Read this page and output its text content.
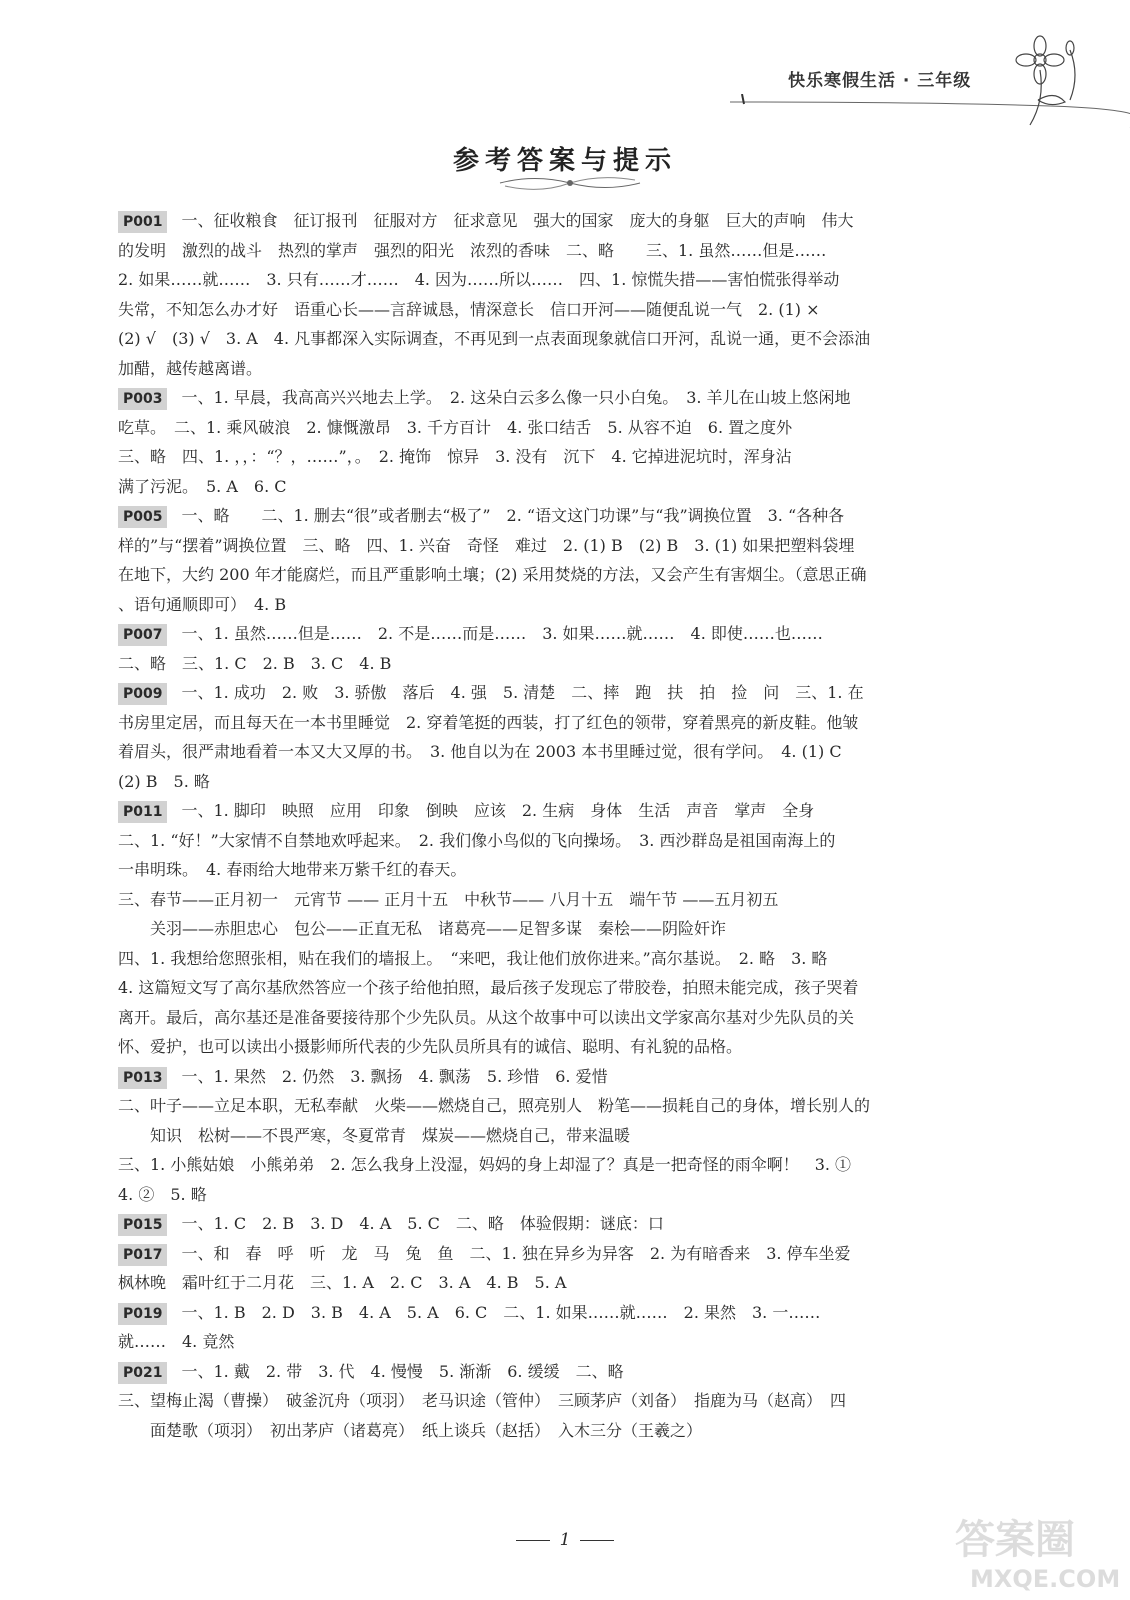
快乐寒假生活 · 三年级
参考答案与提示
P001 一、征收粮食　征订报刊　征服对方　征求意见　强大的国家　庞大的身躯　巨大的声响　伟大
的发明　激烈的战斗　热烈的掌声　强烈的阳光　浓烈的香味　二、略　　三、1. 虽然……但是……
2. 如果……就……　3. 只有……才……　4. 因为……所以……　四、1. 惊慌失措——害怕慌张得举动
失常，不知怎么办才好　语重心长——言辞诚恳，情深意长　信口开河——随便乱说一气　2. (1) ×
(2) √　(3) √　3. A　4. 凡事都深入实际调查，不再见到一点表面现象就信口开河，乱说一通，更不会添油
加醋，越传越离谱。
P003 一、1. 早晨，我高高兴兴地去上学。　2. 这朵白云多么像一只小白兔。　3. 羊儿在山坡上悠闲地
吃草。　二、1. 乘风破浪　2. 慷慨激昂　3. 千方百计　4. 张口结舌　5. 从容不迫　6. 置之度外
三、略　四、1. ，，：“？，……”，。　2. 掩饰　惊异　3. 没有　沉下　4. 它掉进泥坑时，浑身沾
满了污泥。　5. A　6. C
P005 一、略　　二、1. 删去“很”或者删去“极了”　2. “语文这门功课”与“我”调换位置　3. “各种各
样的”与“摆着”调换位置　三、略　四、1. 兴奋　奇怪　难过　2. (1) B　(2) B　3. (1) 如果把塑料袋埋
在地下，大约 200 年才能腐烂，而且严重影响土壤；(2) 采用焚烧的方法，又会产生有害烟尘。（意思正确
、语句通顺即可）　4. B
P007 一、1. 虽然……但是……　2. 不是……而是……　3. 如果……就……　4. 即使……也……
二、略　三、1. C　2. B　3. C　4. B
P009 一、1. 成功　2. 败　3. 骄傲　落后　4. 强　5. 清楚　二、摔　跑　扶　拍　捡　问　三、1. 在
书房里定居，而且每天在一本书里睡觉　2. 穿着笔挺的西装，打了红色的领带，穿着黑亮的新皮鞋。他皱
着眉头，很严肃地看着一本又大又厚的书。　3. 他自以为在 2003 本书里睡过觉，很有学问。　4. (1) C
(2) B　5. 略
P011 一、1. 脚印　映照　应用　印象　倒映　应该　2. 生病　身体　生活　声音　掌声　全身
二、1. “好！”大家情不自禁地欢呼起来。　2. 我们像小鸟似的飞向操场。　3. 西沙群岛是祖国南海上的
一串明珠。　4. 春雨给大地带来万紫千红的春天。
三、春节——正月初一　元宵节 —— 正月十五　中秋节—— 八月十五　端午节 ——五月初五
　　关羽——赤胆忠心　包公——正直无私　诸葛亮——足智多谋　秦桧——阴险奸诈
四、1. 我想给您照张相，贴在我们的墙报上。　“来吧，我让他们放你进来。”高尔基说。　2. 略　3. 略
4. 这篇短文写了高尔基欣然答应一个孩子给他拍照，最后孩子发现忘了带胶卷，拍照未能完成，孩子哭着
离开。最后，高尔基还是准备要接待那个少先队员。从这个故事中可以读出文学家高尔基对少先队员的关
怀、爱护，也可以读出小摄影师所代表的少先队员所具有的诚信、聪明、有礼貌的品格。
P013 一、1. 果然　2. 仍然　3. 飘扬　4. 飘荡　5. 珍惜　6. 爱惜
二、叶子——立足本职，无私奉献　火柴——燃烧自己，照亮别人　粉笔——损耗自己的身体，增长别人的
　　知识　松树——不畏严寒，冬夏常青　煤炭——燃烧自己，带来温暖
三、1. 小熊姑娘　小熊弟弟　2. 怎么我身上没湿，妈妈的身上却湿了？真是一把奇怪的雨伞啊！　3. ①
4. ②　5. 略
P015 一、1. C　2. B　3. D　4. A　5. C　二、略　体验假期：谜底：口
P017 一、和　春　呼　听　龙　马　兔　鱼　二、1. 独在异乡为异客　2. 为有暗香来　3. 停车坐爱
枫林晚　霜叶红于二月花　三、1. A　2. C　3. A　4. B　5. A
P019 一、1. B　2. D　3. B　4. A　5. A　6. C　二、1. 如果……就……　2. 果然　3. 一……
就……　4. 竟然
P021 一、1. 戴　2. 带　3. 代　4. 慢慢　5. 渐渐　6. 缓缓　二、略
三、望梅止渴（曹操）　破釜沉舟（项羽）　老马识途（管仲）　三顾茅庐（刘备）　指鹿为马（赵高）　四
　　面楚歌（项羽）　初出茅庐（诸葛亮）　纸上谈兵（赵括）　入木三分（王羲之）
1	答案圈
MXQE.COM
